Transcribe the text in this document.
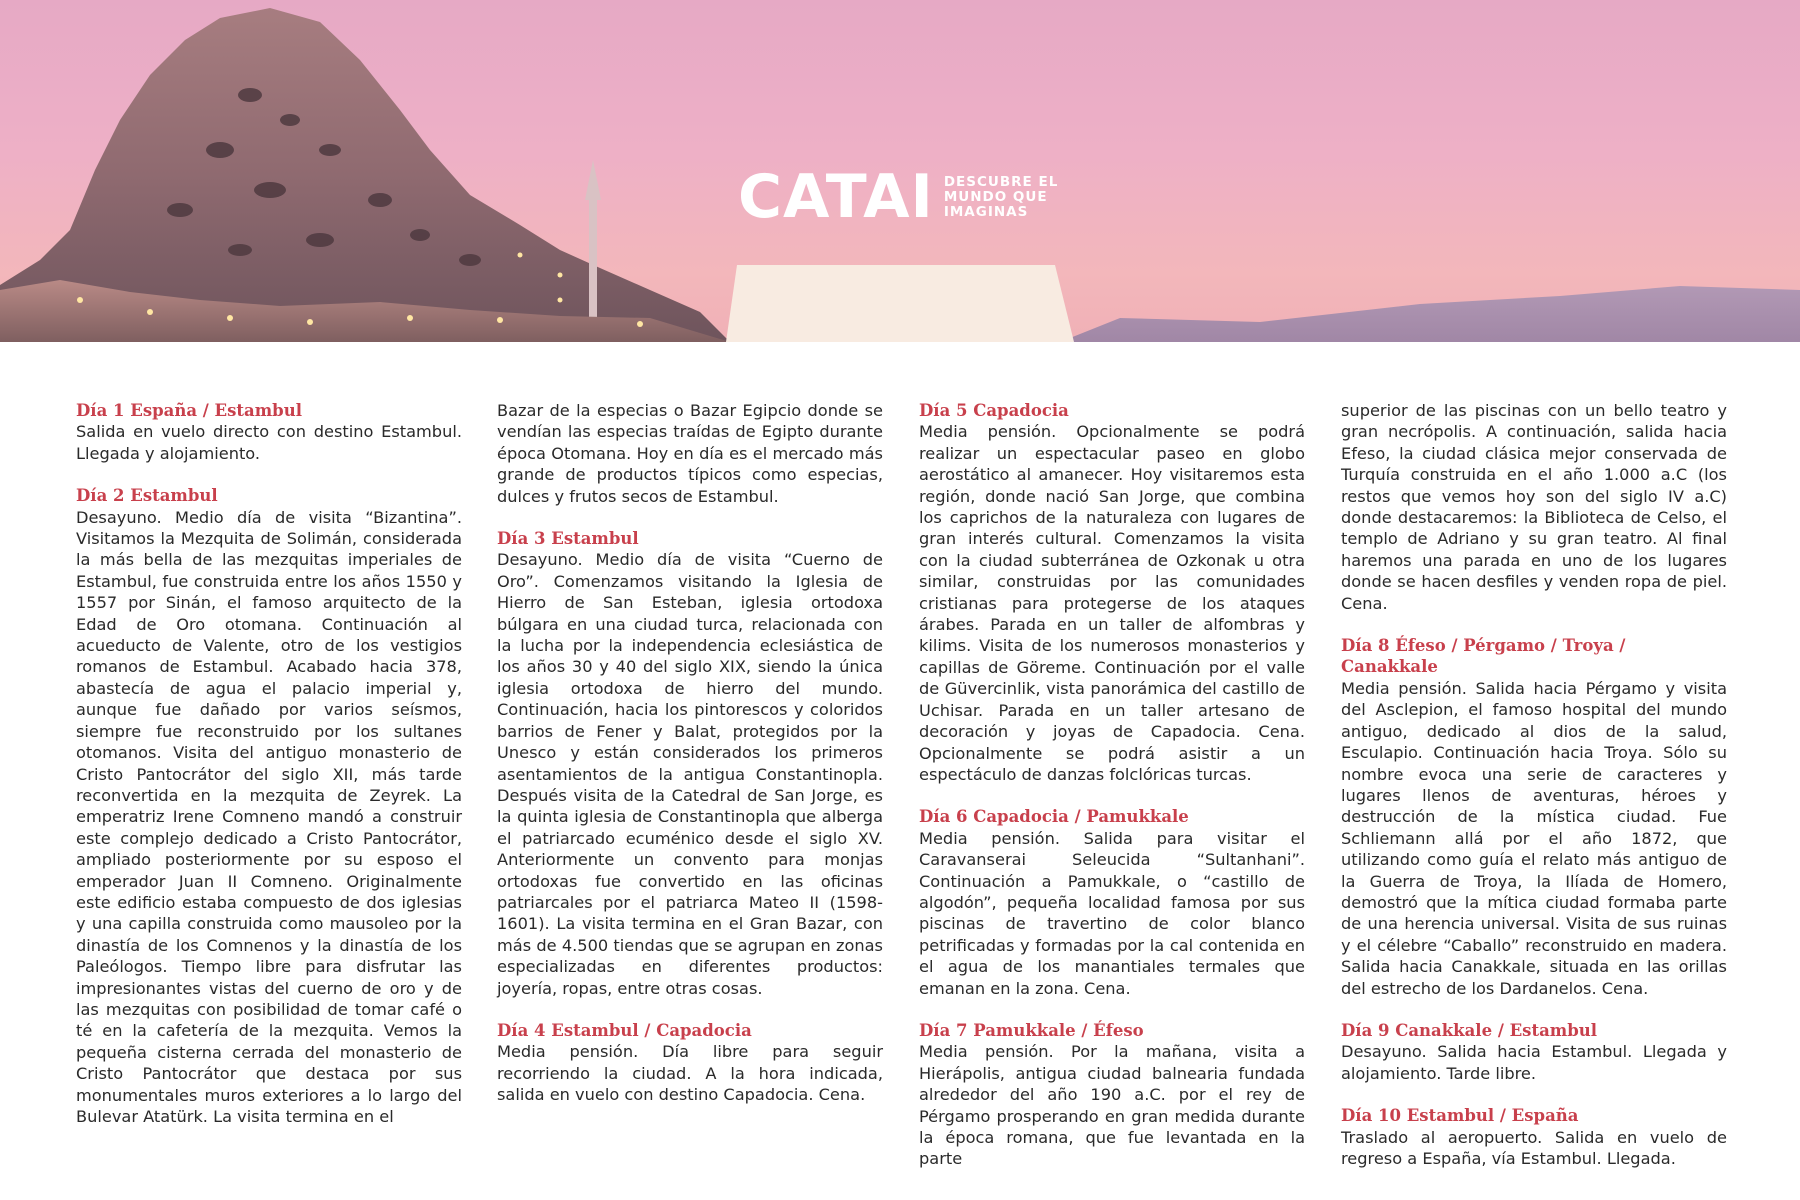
CATAI DESCUBRE EL
MUNDO QUE
IMAGINAS
Día 1 España / Estambul
Salida en vuelo directo con destino Estambul. Llegada y alojamiento.
Día 2 Estambul
Desayuno. Medio día de visita “Bizantina”. Visitamos la Mezquita de Solimán, considerada la más bella de las mezquitas imperiales de Estambul, fue construida entre los años 1550 y 1557 por Sinán, el famoso arquitecto de la Edad de Oro otomana. Continuación al acueducto de Valente, otro de los vestigios romanos de Estambul. Acabado hacia 378, abastecía de agua el palacio imperial y, aunque fue dañado por varios seísmos, siempre fue reconstruido por los sultanes otomanos. Visita del antiguo monasterio de Cristo Pantocrátor del siglo XII, más tarde reconvertida en la mezquita de Zeyrek. La emperatriz Irene Comneno mandó a construir este complejo dedicado a Cristo Pantocrátor, ampliado posteriormente por su esposo el emperador Juan II Comneno. Originalmente este edificio estaba compuesto de dos iglesias y una capilla construida como mausoleo por la dinastía de los Comnenos y la dinastía de los Paleólogos. Tiempo libre para disfrutar las impresionantes vistas del cuerno de oro y de las mezquitas con posibilidad de tomar café o té en la cafetería de la mezquita. Vemos la pequeña cisterna cerrada del monasterio de Cristo Pantocrátor que destaca por sus monumentales muros exteriores a lo largo del Bulevar Atatürk. La visita termina en el
Bazar de la especias o Bazar Egipcio donde se vendían las especias traídas de Egipto durante época Otomana. Hoy en día es el mercado más grande de productos típicos como especias, dulces y frutos secos de Estambul.
Día 3 Estambul
Desayuno. Medio día de visita “Cuerno de Oro”. Comenzamos visitando la Iglesia de Hierro de San Esteban, iglesia ortodoxa búlgara en una ciudad turca, relacionada con la lucha por la independencia eclesiástica de los años 30 y 40 del siglo XIX, siendo la única iglesia ortodoxa de hierro del mundo. Continuación, hacia los pintorescos y coloridos barrios de Fener y Balat, protegidos por la Unesco y están considerados los primeros asentamientos de la antigua Constantinopla. Después visita de la Catedral de San Jorge, es la quinta iglesia de Constantinopla que alberga el patriarcado ecuménico desde el siglo XV. Anteriormente un convento para monjas ortodoxas fue convertido en las oficinas patriarcales por el patriarca Mateo II (1598-1601). La visita termina en el Gran Bazar, con más de 4.500 tiendas que se agrupan en zonas especializadas en diferentes productos: joyería, ropas, entre otras cosas.
Día 4 Estambul / Capadocia
Media pensión. Día libre para seguir recorriendo la ciudad. A la hora indicada, salida en vuelo con destino Capadocia. Cena.
Día 5 Capadocia
Media pensión. Opcionalmente se podrá realizar un espectacular paseo en globo aerostático al amanecer. Hoy visitaremos esta región, donde nació San Jorge, que combina los caprichos de la naturaleza con lugares de gran interés cultural. Comenzamos la visita con la ciudad subterránea de Ozkonak u otra similar, construidas por las comunidades cristianas para protegerse de los ataques árabes. Parada en un taller de alfombras y kilims. Visita de los numerosos monasterios y capillas de Göreme. Continuación por el valle de Güvercinlik, vista panorámica del castillo de Uchisar. Parada en un taller artesano de decoración y joyas de Capadocia. Cena. Opcionalmente se podrá asistir a un espectáculo de danzas folclóricas turcas.
Día 6 Capadocia / Pamukkale
Media pensión. Salida para visitar el Caravanserai Seleucida “Sultanhani”. Continuación a Pamukkale, o “castillo de algodón”, pequeña localidad famosa por sus piscinas de travertino de color blanco petrificadas y formadas por la cal contenida en el agua de los manantiales termales que emanan en la zona. Cena.
Día 7 Pamukkale / Éfeso
Media pensión. Por la mañana, visita a Hierápolis, antigua ciudad balnearia fundada alrededor del año 190 a.C. por el rey de Pérgamo prosperando en gran medida durante la época romana, que fue levantada en la parte
superior de las piscinas con un bello teatro y gran necrópolis. A continuación, salida hacia Efeso, la ciudad clásica mejor conservada de Turquía construida en el año 1.000 a.C (los restos que vemos hoy son del siglo IV a.C) donde destacaremos: la Biblioteca de Celso, el templo de Adriano y su gran teatro. Al final haremos una parada en uno de los lugares donde se hacen desfiles y venden ropa de piel. Cena.
Día 8 Éfeso / Pérgamo / Troya / Canakkale
Media pensión. Salida hacia Pérgamo y visita del Asclepion, el famoso hospital del mundo antiguo, dedicado al dios de la salud, Esculapio. Continuación hacia Troya. Sólo su nombre evoca una serie de caracteres y lugares llenos de aventuras, héroes y destrucción de la mística ciudad. Fue Schliemann allá por el año 1872, que utilizando como guía el relato más antiguo de la Guerra de Troya, la Ilíada de Homero, demostró que la mítica ciudad formaba parte de una herencia universal. Visita de sus ruinas y el célebre “Caballo” reconstruido en madera. Salida hacia Canakkale, situada en las orillas del estrecho de los Dardanelos. Cena.
Día 9 Canakkale / Estambul
Desayuno. Salida hacia Estambul. Llegada y alojamiento. Tarde libre.
Día 10 Estambul / España
Traslado al aeropuerto. Salida en vuelo de regreso a España, vía Estambul. Llegada.
